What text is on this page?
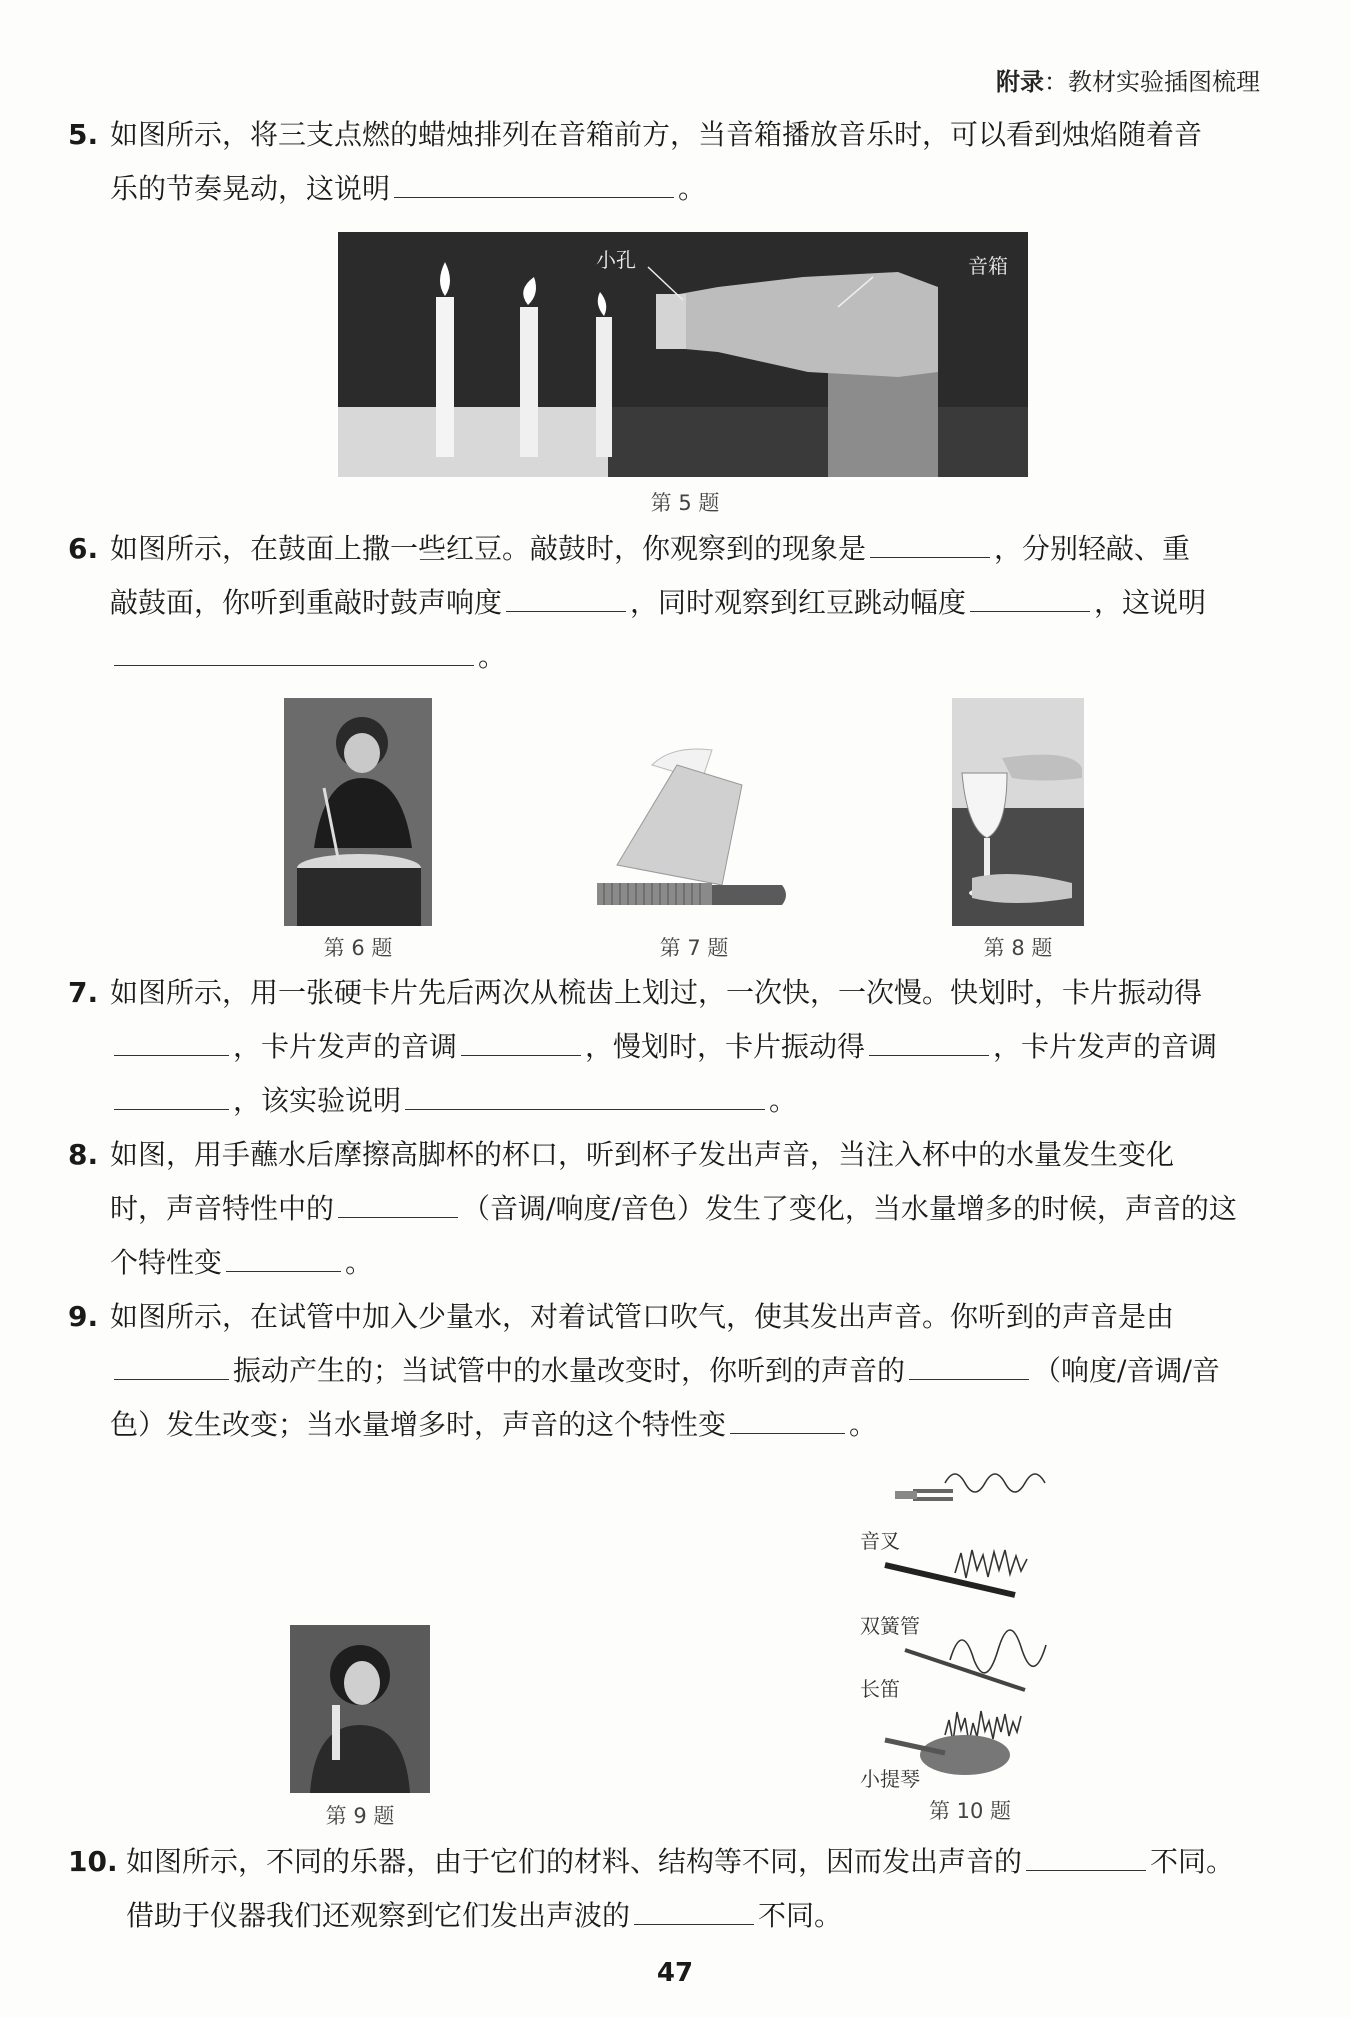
附录：教材实验插图梳理
5. 如图所示，将三支点燃的蜡烛排列在音箱前方，当音箱播放音乐时，可以看到烛焰随着音
乐的节奏晃动，这说明	。
小孔	音箱
第 5 题
6. 如图所示，在鼓面上撒一些红豆。敲鼓时，你观察到的现象是	，分别轻敲、重
敲鼓面，你听到重敲时鼓声响度	，同时观察到红豆跳动幅度	，这说明
。
第 6 题	第 7 题	第 8 题
7. 如图所示，用一张硬卡片先后两次从梳齿上划过，一次快，一次慢。快划时，卡片振动得
，卡片发声的音调	，慢划时，卡片振动得	，卡片发声的音调
，该实验说明	。
8. 如图，用手蘸水后摩擦高脚杯的杯口，听到杯子发出声音，当注入杯中的水量发生变化
时，声音特性中的	（音调/响度/音色）发生了变化，当水量增多的时候，声音的这
个特性变	。
9. 如图所示，在试管中加入少量水，对着试管口吹气，使其发出声音。你听到的声音是由
振动产生的；当试管中的水量改变时，你听到的声音的	（响度/音调/音
色）发生改变；当水量增多时，声音的这个特性变	。
第 9 题
音叉
双簧管
长笛
小提琴
第 10 题
10. 如图所示，不同的乐器，由于它们的材料、结构等不同，因而发出声音的	不同。
借助于仪器我们还观察到它们发出声波的	不同。
47
